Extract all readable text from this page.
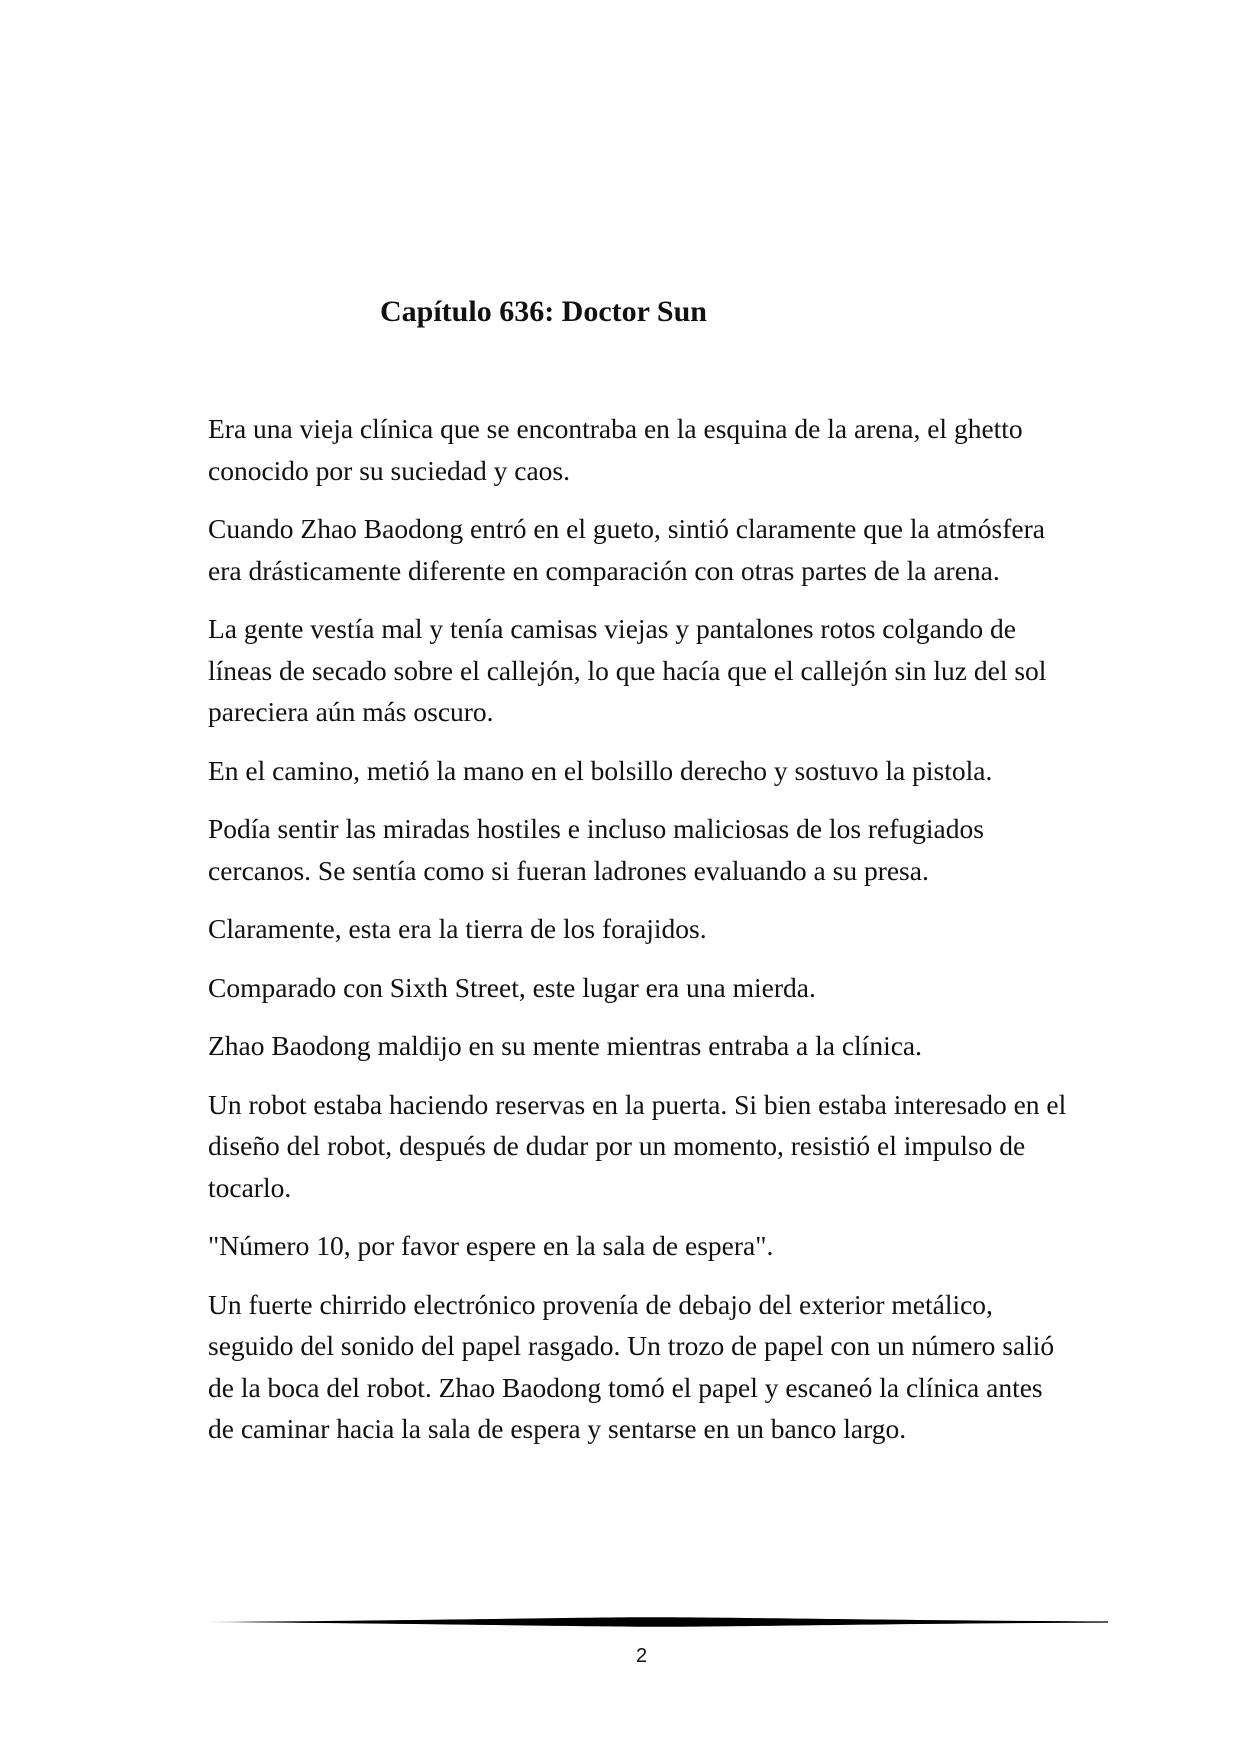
Capítulo 636: Doctor Sun

Era una vieja clínica que se encontraba en la esquina de la arena, el ghetto conocido por su suciedad y caos.

Cuando Zhao Baodong entró en el gueto, sintió claramente que la atmósfera era drásticamente diferente en comparación con otras partes de la arena.

La gente vestía mal y tenía camisas viejas y pantalones rotos colgando de líneas de secado sobre el callejón, lo que hacía que el callejón sin luz del sol pareciera aún más oscuro.

En el camino, metió la mano en el bolsillo derecho y sostuvo la pistola.

Podía sentir las miradas hostiles e incluso maliciosas de los refugiados cercanos. Se sentía como si fueran ladrones evaluando a su presa.

Claramente, esta era la tierra de los forajidos.

Comparado con Sixth Street, este lugar era una mierda.

Zhao Baodong maldijo en su mente mientras entraba a la clínica.

Un robot estaba haciendo reservas en la puerta. Si bien estaba interesado en el diseño del robot, después de dudar por un momento, resistió el impulso de tocarlo.

"Número 10, por favor espere en la sala de espera".

Un fuerte chirrido electrónico provenía de debajo del exterior metálico, seguido del sonido del papel rasgado. Un trozo de papel con un número salió de la boca del robot. Zhao Baodong tomó el papel y escaneó la clínica antes de caminar hacia la sala de espera y sentarse en un banco largo.

2
